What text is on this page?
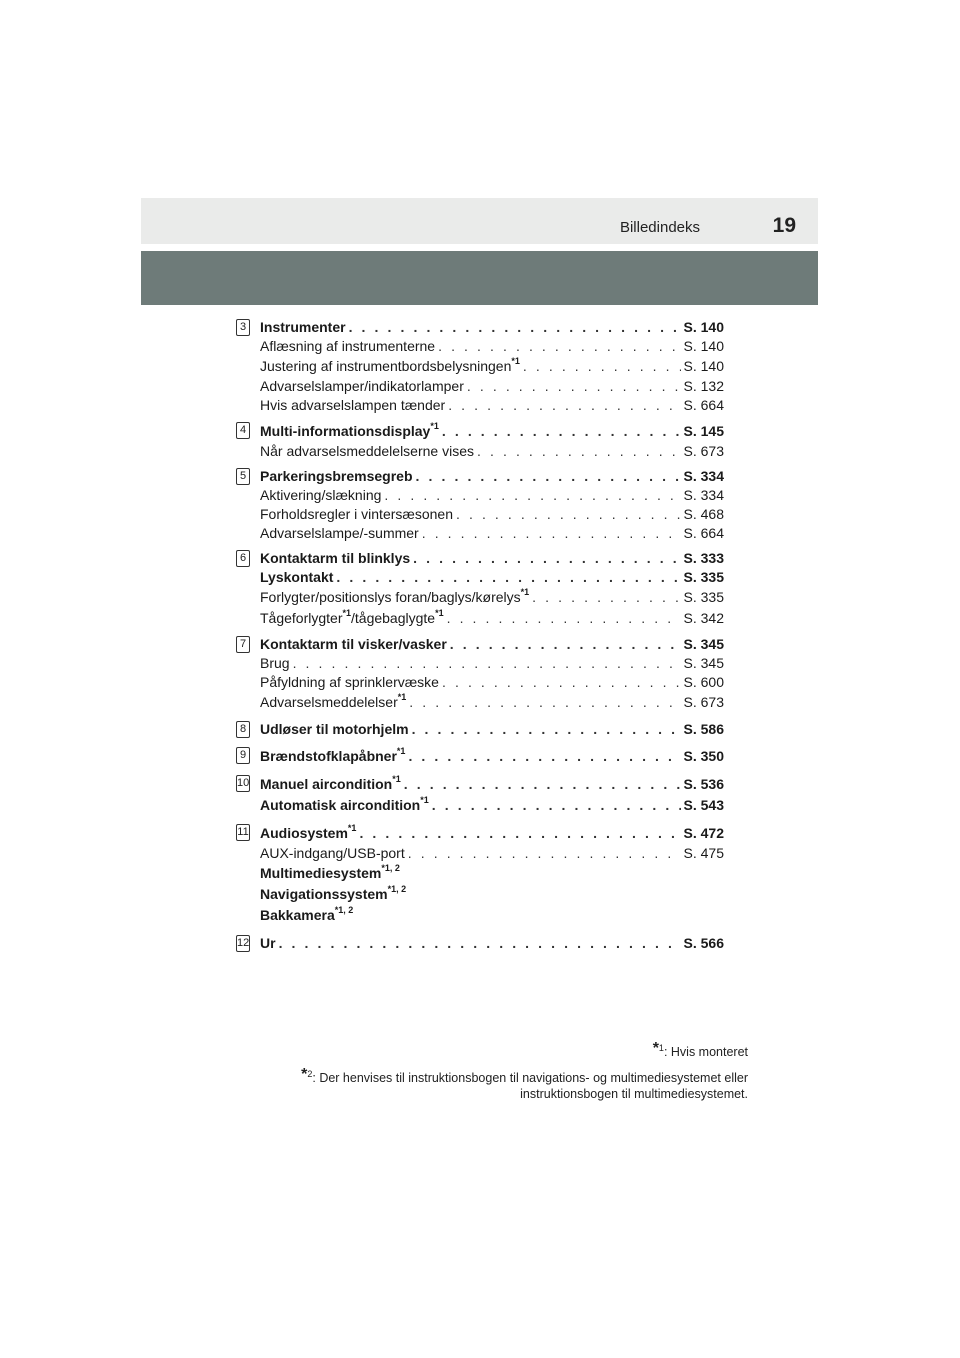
Billedindeks	19
3 Instrumenter . . .	S. 140
Aflæsning af instrumenterne . . .	S. 140
Justering af instrumentbordsbelysningen$^{*1}$ . . .	S. 140
Advarselslamper/indikatorlamper . . .	S. 132
Hvis advarselslampen tænder . . .	S. 664
4 Multi-informationsdisplay$^{*1}$ . . .	S. 145
Når advarselsmeddelelserne vises . . .	S. 673
5 Parkeringsbremsegreb . . .	S. 334
Aktivering/slækning . . .	S. 334
Forholdsregler i vintersæsonen . . .	S. 468
Advarselslampe/-summer . . .	S. 664
6 Kontaktarm til blinklys . . .	S. 333
Lyskontakt . . .	S. 335
Forlygter/positionslys foran/baglys/kørelys$^{*1}$ . . .	S. 335
Tågeforlygter$^{*1}$/tågebaglygte$^{*1}$ . . .	S. 342
7 Kontaktarm til visker/vasker . . .	S. 345
Brug . . .	S. 345
Påfyldning af sprinklervæske . . .	S. 600
Advarselsmeddelelser$^{*1}$ . . .	S. 673
8 Udløser til motorhjelm . . .	S. 586
9 Brændstofklapåbner$^{*1}$ . . .	S. 350
10 Manuel aircondition$^{*1}$ . . .	S. 536
Automatisk aircondition$^{*1}$ . . .	S. 543
11 Audiosystem$^{*1}$ . . .	S. 472
AUX-indgang/USB-port . . .	S. 475
Multimediesystem$^{*1, 2}$
Navigationssystem$^{*1, 2}$
Bakkamera$^{*1, 2}$
12 Ur . . .	S. 566

*$^1$: Hvis monteret

*$^2$: Der henvises til instruktionsbogen til navigations- og multimediesystemet eller instruktionsbogen til multimediesystemet.
